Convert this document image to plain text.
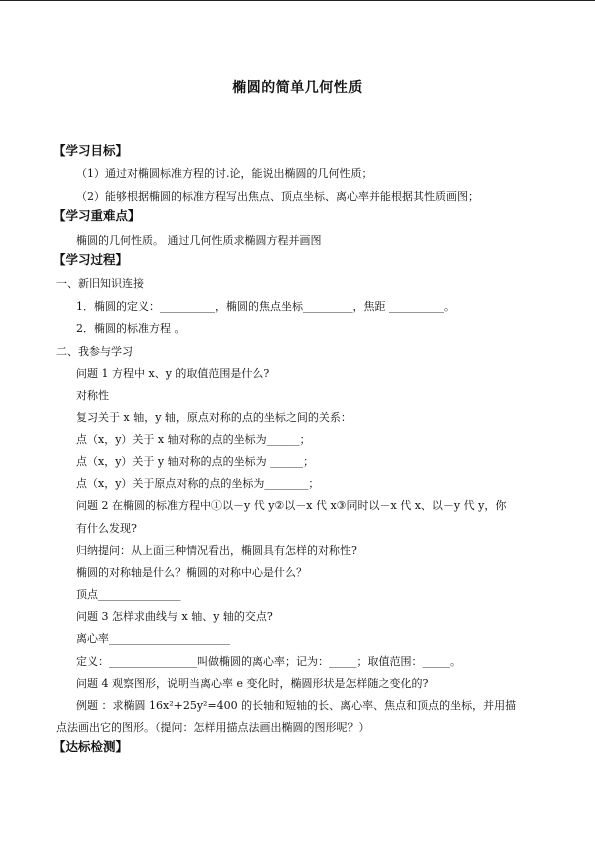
椭圆的简单几何性质
【学习目标】
（1）通过对椭圆标准方程的讨.论，能说出椭圆的几何性质；
（2）能够根据椭圆的标准方程写出焦点、顶点坐标、离心率并能根据其性质画图；
【学习重难点】
椭圆的几何性质。 通过几何性质求椭圆方程并画图
【学习过程】
一、新旧知识连接
1．椭圆的定义：__________，椭圆的焦点坐标_________，焦距 __________。
2．椭圆的标准方程 。
二、我参与学习
问题 1 方程中 x、y 的取值范围是什么?
对称性
复习关于 x 轴，y 轴，原点对称的点的坐标之间的关系：
点（x，y）关于 x 轴对称的点的坐标为______；
点（x，y）关于 y 轴对称的点的坐标为 ______；
点（x，y）关于原点对称的点的坐标为________；
问题 2 在椭圆的标准方程中①以－y 代 y②以－x 代 x③同时以－x 代 x、以－y 代 y，你
有什么发现?
归纳提问：从上面三种情况看出，椭圆具有怎样的对称性?
椭圆的对称轴是什么？椭圆的对称中心是什么？
顶点_______________
问题 3 怎样求曲线与 x 轴、y 轴的交点?
离心率______________________
定义：________________叫做椭圆的离心率；记为：_____；取值范围：_____。
问题 4 观察图形，说明当离心率 e 变化时，椭圆形状是怎样随之变化的?
例题 ：求椭圆 16x²+25y²=400 的长轴和短轴的长、离心率、焦点和顶点的坐标，并用描
点法画出它的图形。（提问：怎样用描点法画出椭圆的图形呢？）
【达标检测】
